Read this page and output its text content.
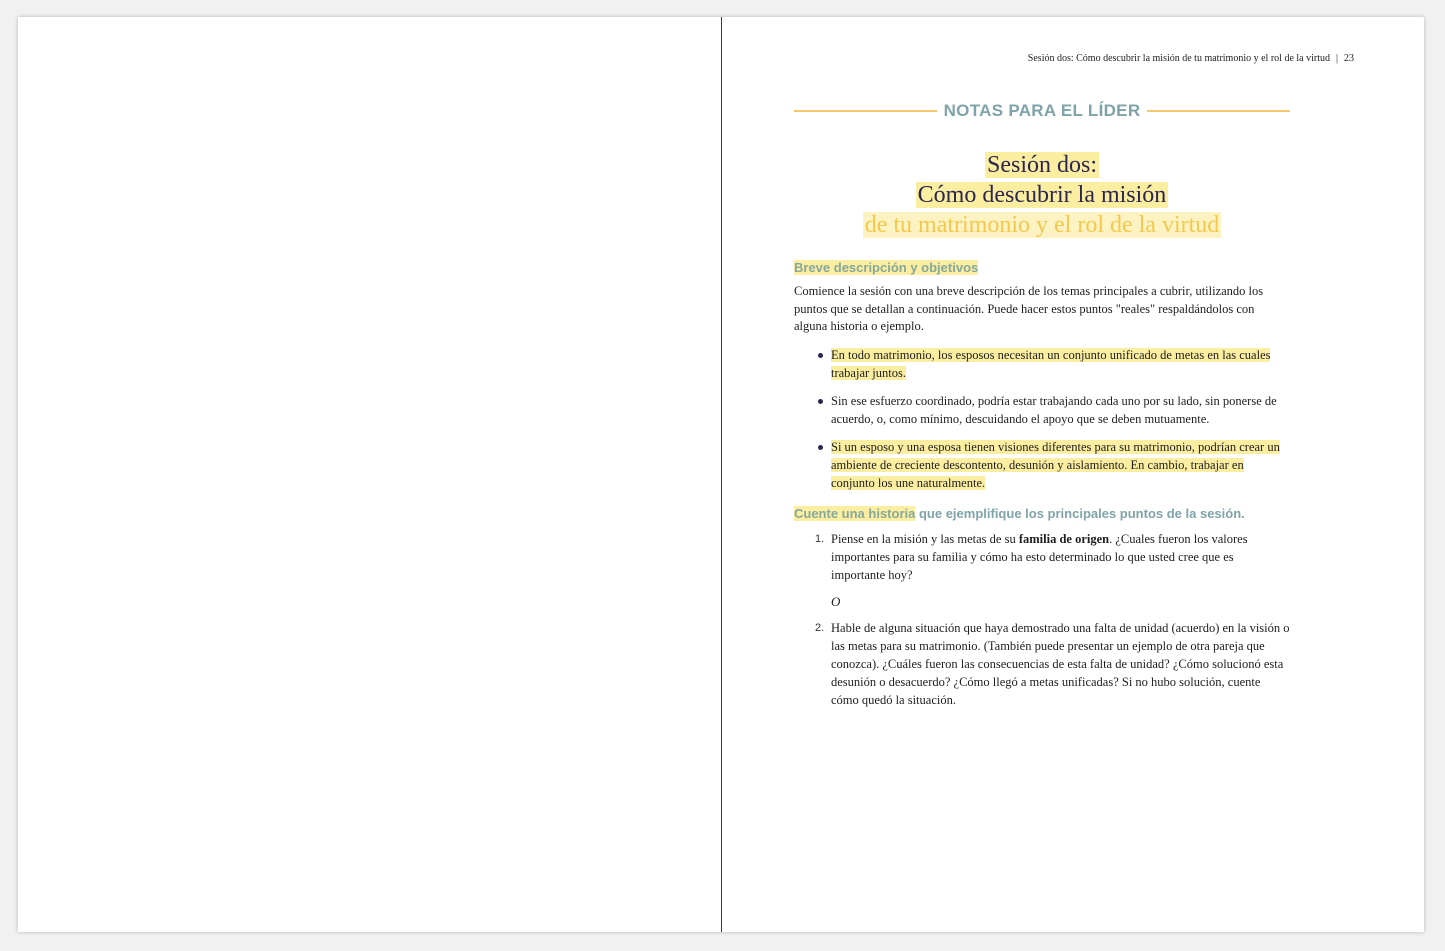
Sesión dos: Cómo descubrir la misión de tu matrimonio y el rol de la virtud | 23
NOTAS PARA EL LÍDER
Sesión dos:
Cómo descubrir la misión
de tu matrimonio y el rol de la virtud
Breve descripción y objetivos

Comience la sesión con una breve descripción de los temas principales a cubrir, utilizando los puntos que se detallan a continuación. Puede hacer estos puntos "reales" respaldándolos con alguna historia o ejemplo.

En todo matrimonio, los esposos necesitan un conjunto unificado de metas en las cuales trabajar juntos.
Sin ese esfuerzo coordinado, podría estar trabajando cada uno por su lado, sin ponerse de acuerdo, o, como mínimo, descuidando el apoyo que se deben mutuamente.
Si un esposo y una esposa tienen visiones diferentes para su matrimonio, podrían crear un ambiente de creciente descontento, desunión y aislamiento. En cambio, trabajar en conjunto los une naturalmente.
Cuente una historia que ejemplifique los principales puntos de la sesión.
1. Piense en la misión y las metas de su familia de origen. ¿Cuales fueron los valores importantes para su familia y cómo ha esto determinado lo que usted cree que es importante hoy?
O
2. Hable de alguna situación que haya demostrado una falta de unidad (acuerdo) en la visión o las metas para su matrimonio. (También puede presentar un ejemplo de otra pareja que conozca). ¿Cuáles fueron las consecuencias de esta falta de unidad? ¿Cómo solucionó esta desunión o desacuerdo? ¿Cómo llegó a metas unificadas? Si no hubo solución, cuente cómo quedó la situación.
